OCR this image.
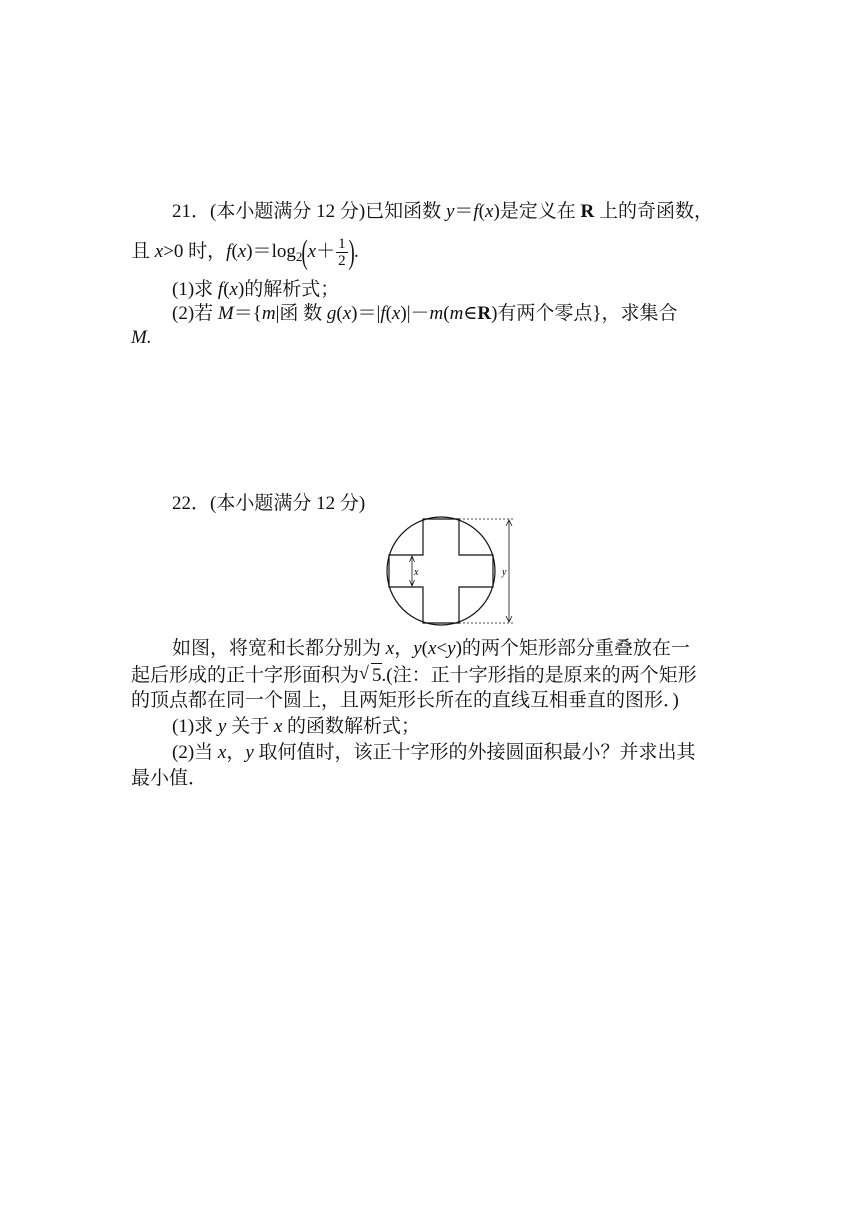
21．(本小题满分 12 分)已知函数 y＝f(x)是定义在 R 上的奇函数，
且 x>0 时，$f(x)=\log_2(x+ \frac{1}{2}$ ).
(1)求 f(x)的解析式；
(2)若 M＝{m|函 数 g(x)＝|f(x)|－m(m∈R)有两个零点}，求集合
M.
22．(本小题满分 12 分)
y
x
如图，将宽和长都分别为 x，y(x<y)的两个矩形部分重叠放在一
起后形成的正十字形面积为 √ 5.(注：正十字形指的是原来的两个矩形
的顶点都在同一个圆上，且两矩形长所在的直线互相垂直的图形．)
(1)求 y 关于 x 的函数解析式；
(2)当 x，y 取何值时，该正十字形的外接圆面积最小？并求出其
最小值．
